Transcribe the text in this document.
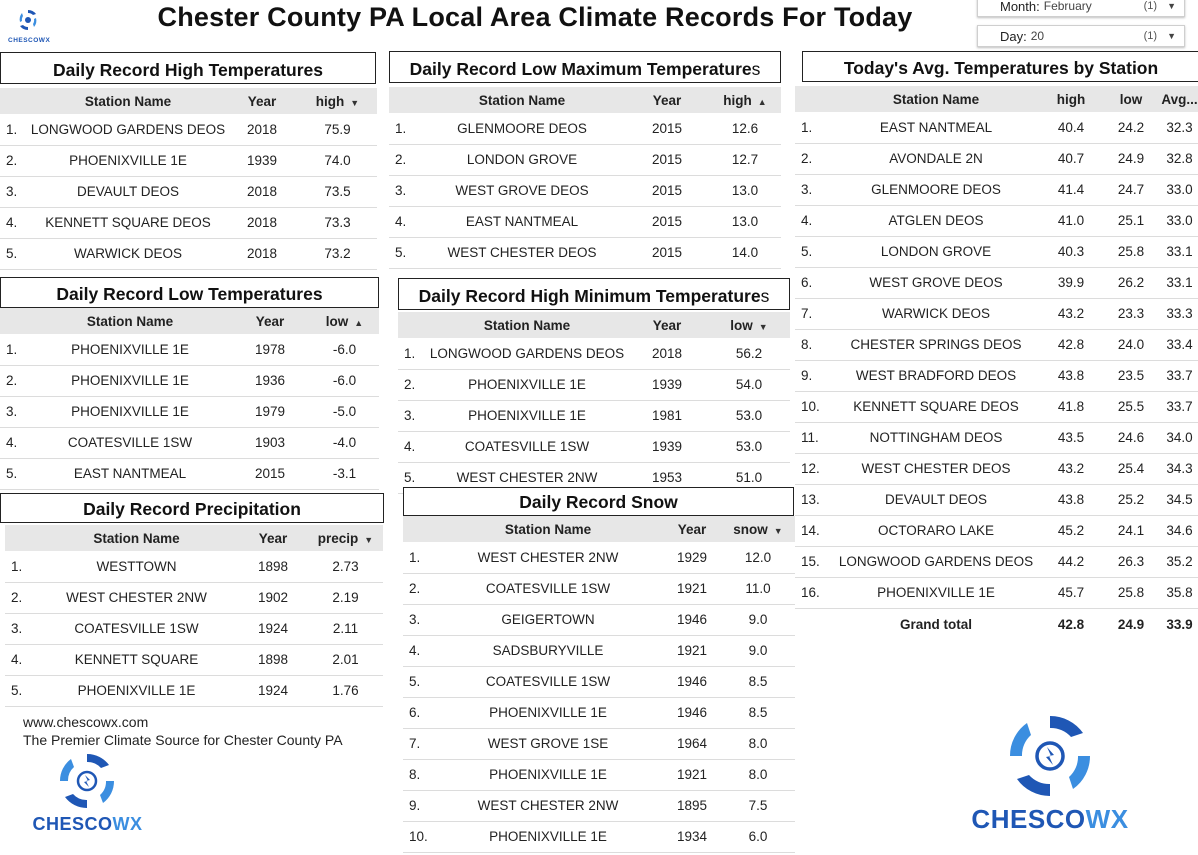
CHESCOWX
Chester County PA Local Area Climate Records For Today	Month: February	(1) ▼
Day: 20	(1) ▼
Daily Record High Temperatures
	Station Name	Year	high ▼
1.	LONGWOOD GARDENS DEOS	2018	75.9
2.	PHOENIXVILLE 1E	1939	74.0
3.	DEVAULT DEOS	2018	73.5
4.	KENNETT SQUARE DEOS	2018	73.3
5.	WARWICK DEOS	2018	73.2
Daily Record Low Maximum Temperature s
	Station Name	Year	high ▲
1.	GLENMOORE DEOS	2015	12.6
2.	LONDON GROVE	2015	12.7
3.	WEST GROVE DEOS	2015	13.0
4.	EAST NANTMEAL	2015	13.0
5.	WEST CHESTER DEOS	2015	14.0
Today's Avg. Temperatures by Station
	Station Name	high	low	Avg...
1.	EAST NANTMEAL	40.4	24.2	32.3
2.	AVONDALE 2N	40.7	24.9	32.8
3.	GLENMOORE DEOS	41.4	24.7	33.0
4.	ATGLEN DEOS	41.0	25.1	33.0
5.	LONDON GROVE	40.3	25.8	33.1
6.	WEST GROVE DEOS	39.9	26.2	33.1
7.	WARWICK DEOS	43.2	23.3	33.3
8.	CHESTER SPRINGS DEOS	42.8	24.0	33.4
9.	WEST BRADFORD DEOS	43.8	23.5	33.7
10.	KENNETT SQUARE DEOS	41.8	25.5	33.7
11.	NOTTINGHAM DEOS	43.5	24.6	34.0
12.	WEST CHESTER DEOS	43.2	25.4	34.3
13.	DEVAULT DEOS	43.8	25.2	34.5
14.	OCTORARO LAKE	45.2	24.1	34.6
15.	LONGWOOD GARDENS DEOS	44.2	26.3	35.2
16.	PHOENIXVILLE 1E	45.7	25.8	35.8
	Grand total	42.8	24.9	33.9
Daily Record Low Temperatures
	Station Name	Year	low ▲
1.	PHOENIXVILLE 1E	1978	-6.0
2.	PHOENIXVILLE 1E	1936	-6.0
3.	PHOENIXVILLE 1E	1979	-5.0
4.	COATESVILLE 1SW	1903	-4.0
5.	EAST NANTMEAL	2015	-3.1
Daily Record High Minimum Temperature s
	Station Name	Year	low ▼
1.	LONGWOOD GARDENS DEOS	2018	56.2
2.	PHOENIXVILLE 1E	1939	54.0
3.	PHOENIXVILLE 1E	1981	53.0
4.	COATESVILLE 1SW	1939	53.0
5.	WEST CHESTER 2NW	1953	51.0
Daily Record Precipitation
	Station Name	Year	precip ▼
1.	WESTTOWN	1898	2.73
2.	WEST CHESTER 2NW	1902	2.19
3.	COATESVILLE 1SW	1924	2.11
4.	KENNETT SQUARE	1898	2.01
5.	PHOENIXVILLE 1E	1924	1.76
Daily Record Snow
	Station Name	Year	snow ▼
1.	WEST CHESTER 2NW	1929	12.0
2.	COATESVILLE 1SW	1921	11.0
3.	GEIGERTOWN	1946	9.0
4.	SADSBURYVILLE	1921	9.0
5.	COATESVILLE 1SW	1946	8.5
6.	PHOENIXVILLE 1E	1946	8.5
7.	WEST GROVE 1SE	1964	8.0
8.	PHOENIXVILLE 1E	1921	8.0
9.	WEST CHESTER 2NW	1895	7.5
10.	PHOENIXVILLE 1E	1934	6.0
www.chescowx.com
The Premier Climate Source for Chester County PA
CHESCOWX	CHESCOWX
